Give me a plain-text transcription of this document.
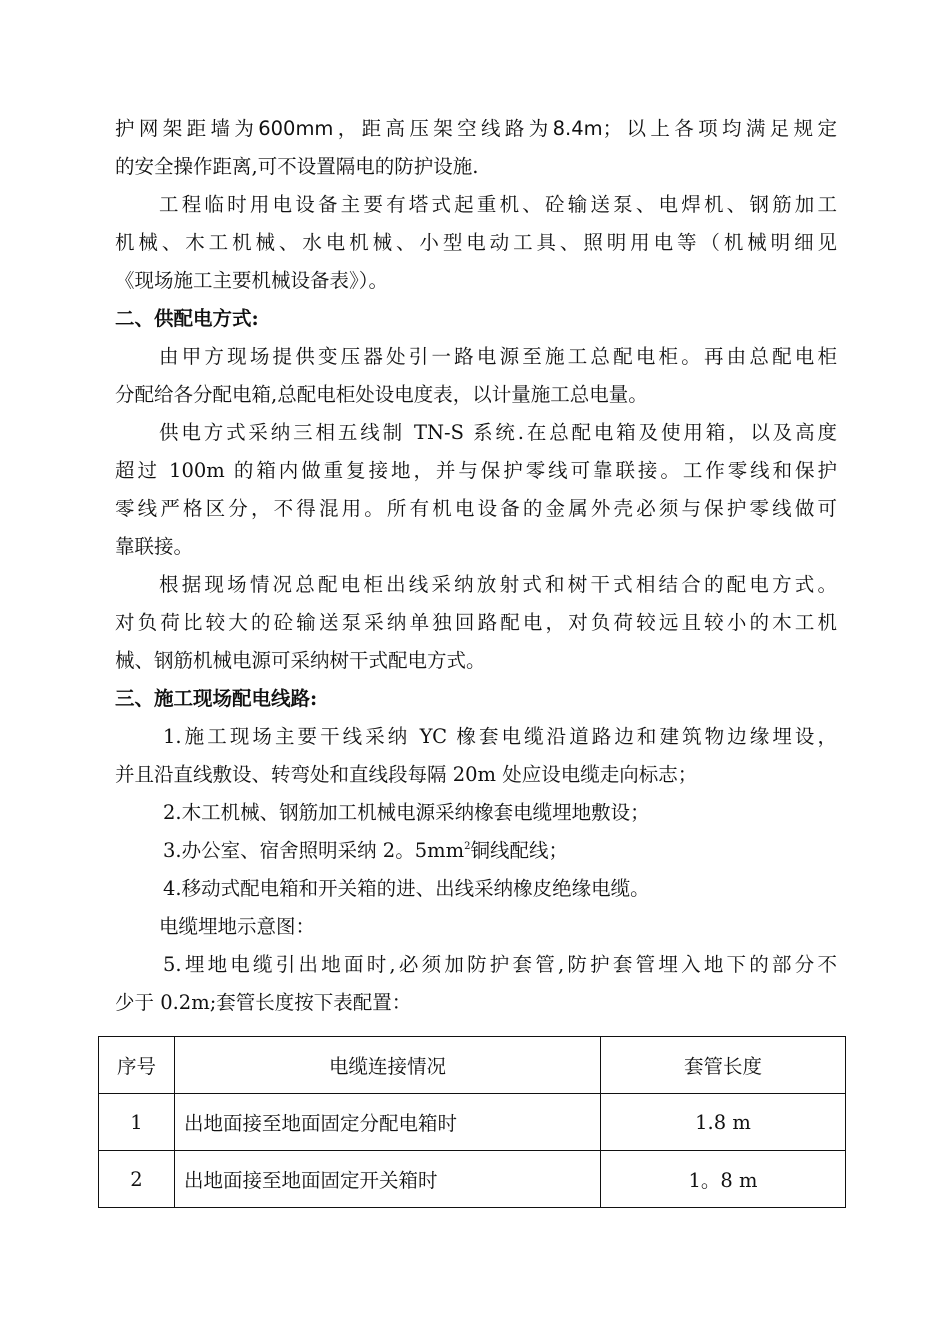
护网架距墙为600mm，距高压架空线路为8.4m；以上各项均满足规定
的安全操作距离,可不设置隔电的防护设施.
工程临时用电设备主要有塔式起重机、砼输送泵、电焊机、钢筋加工
机械、木工机械、水电机械、小型电动工具、照明用电等（机械明细见
《现场施工主要机械设备表》）。
二、供配电方式:
由甲方现场提供变压器处引一路电源至施工总配电柜。再由总配电柜
分配给各分配电箱,总配电柜处设电度表，以计量施工总电量。
供电方式采纳三相五线制 TN-S 系统.在总配电箱及使用箱，以及高度
超过 100m 的箱内做重复接地，并与保护零线可靠联接。工作零线和保护
零线严格区分，不得混用。所有机电设备的金属外壳必须与保护零线做可
靠联接。
根据现场情况总配电柜出线采纳放射式和树干式相结合的配电方式。
对负荷比较大的砼输送泵采纳单独回路配电，对负荷较远且较小的木工机
械、钢筋机械电源可采纳树干式配电方式。
三、施工现场配电线路:
1.施工现场主要干线采纳 YC 橡套电缆沿道路边和建筑物边缘埋设，
并且沿直线敷设、转弯处和直线段每隔 20m 处应设电缆走向标志；
2.木工机械、钢筋加工机械电源采纳橡套电缆埋地敷设；
3.办公室、宿舍照明采纳 2。$5mm^2$铜线配线；
4.移动式配电箱和开关箱的进、出线采纳橡皮绝缘电缆。
电缆埋地示意图：
5.埋地电缆引出地面时,必须加防护套管,防护套管埋入地下的部分不
少于 0.2m;套管长度按下表配置：
序号	电缆连接情况	套管长度
1	出地面接至地面固定分配电箱时	1.8 m
2	出地面接至地面固定开关箱时	1。8 m
